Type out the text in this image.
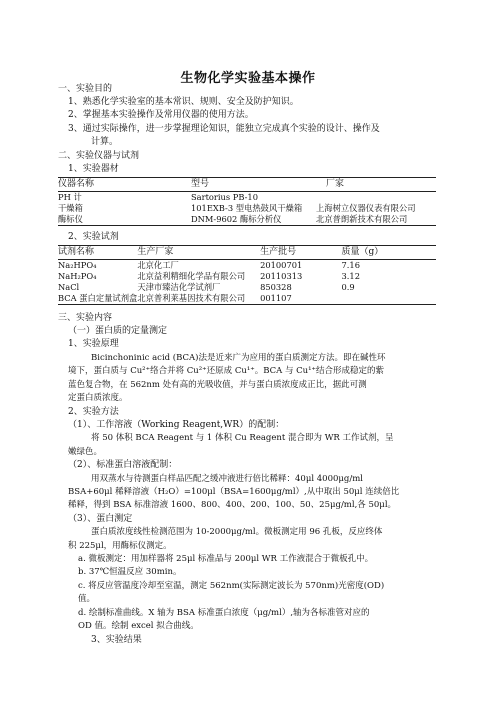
生物化学实验基本操作
一、实验目的
1、熟悉化学实验室的基本常识、规则、安全及防护知识。
2、掌握基本实验操作及常用仪器的使用方法。
3、通过实际操作，进一步掌握理论知识，能独立完成真个实验的设计、操作及
计算。
二、实验仪器与试剂
1、实验器材
仪器名称	型号	厂家
PH 计	Sartorius PB-10	
干燥箱	101EXB-3 型电热鼓风干燥箱	上海树立仪器仪表有限公司
酶标仪	DNM-9602 酶标分析仪	北京普朗新技术有限公司
2、实验试剂
试剂名称	生产厂家	生产批号	质量（g）
Na₂HPO₄	北京化工厂	20100701	7.16
NaH₂PO₄	北京益利精细化学品有限公司	20110313	3.12
NaCl	天津市臻洁化学试剂厂	850328	0.9
BCA 蛋白定量试剂盒	北京普利莱基因技术有限公司	001107	
三、实验内容
（一）蛋白质的定量测定
1、实验原理
Bicinchoninic acid (BCA)法是近来广为应用的蛋白质测定方法。即在碱性环
境下，蛋白质与 Cu²⁺络合并将 Cu²⁺还原成 Cu¹⁺。BCA 与 Cu¹⁺结合形成稳定的紫
蓝色复合物，在 562nm 处有高的光吸收值，并与蛋白质浓度成正比，据此可测
定蛋白质浓度。
2、实验方法
（1）、工作溶液（Working Reagent,WR）的配制：
将 50 体积 BCA Reagent 与 1 体积 Cu Reagent 混合即为 WR 工作试剂，呈
嫩绿色。
（2）、标准蛋白溶液配制：
用双蒸水与待测蛋白样品匹配之缓冲液进行倍比稀释：40μl 4000μg/ml
BSA+60μl 稀释溶液（H₂O）=100μl（BSA=1600μg/ml）,从中取出 50μl 连续倍比
稀释，得到 BSA 标准溶液 1600、800、400、200、100、50、25μg/ml,各 50μl。
（3）、蛋白测定
蛋白质浓度线性检测范围为 10-2000μg/ml。微板测定用 96 孔板，反应终体
积 225μl，用酶标仪测定。
a. 微板测定：用加样器将 25μl 标准品与 200μl WR 工作液混合于微板孔中。
b. 37℃恒温反应 30min。
c. 将反应管温度冷却至室温，测定 562nm(实际测定波长为 570nm)光密度(OD)
值。
d. 绘制标准曲线。X 轴为 BSA 标准蛋白浓度（μg/ml）,轴为各标准管对应的
OD 值。绘制 excel 拟合曲线。
3、实验结果
